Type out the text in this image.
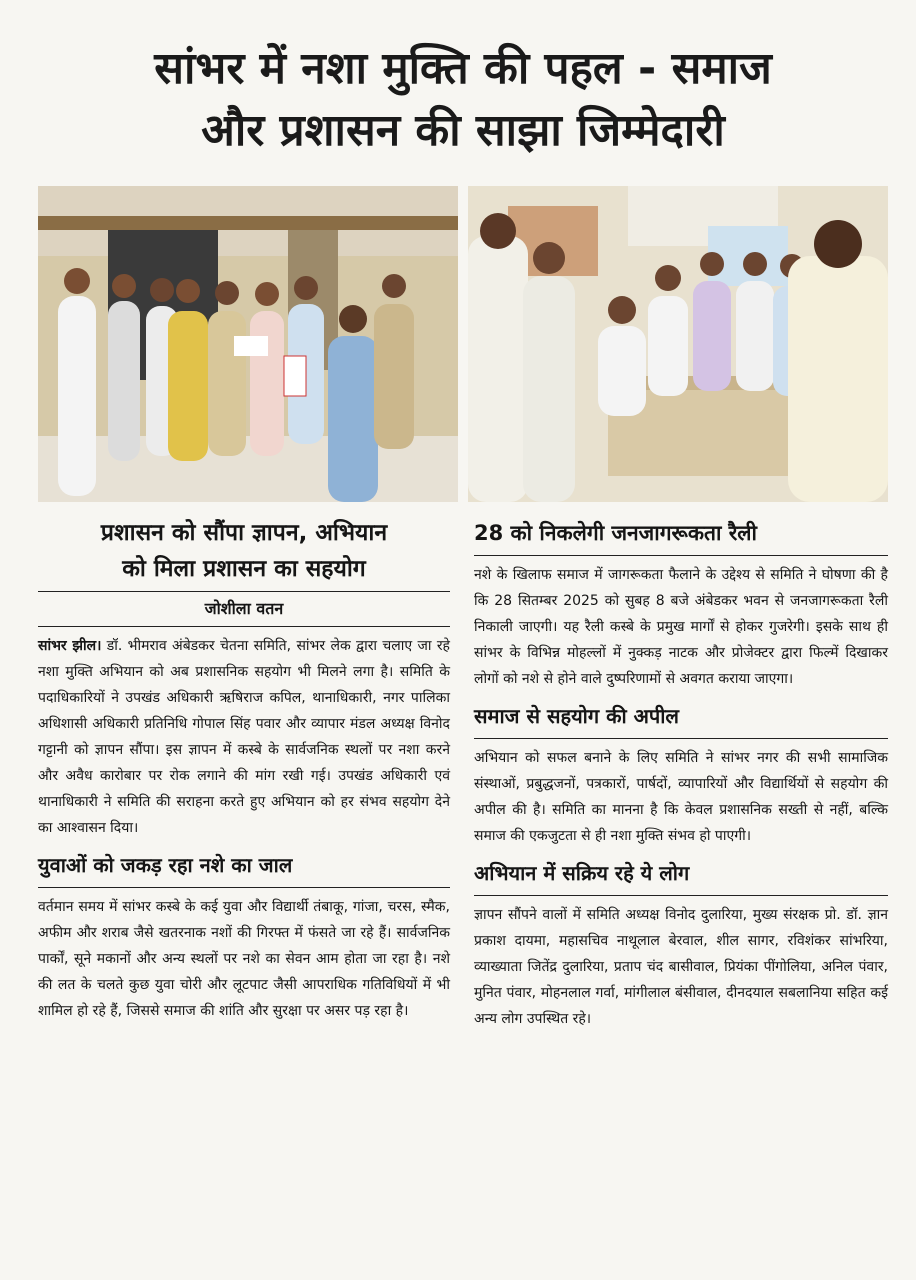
सांभर में नशा मुक्ति की पहल - समाज
और प्रशासन की साझा जिम्मेदारी
प्रशासन को सौंपा ज्ञापन, अभियान
को मिला प्रशासन का सहयोग
जोशीला वतन

सांभर झील। डॉ. भीमराव अंबेडकर चेतना समिति, सांभर लेक द्वारा चलाए जा रहे नशा मुक्ति अभियान को अब प्रशासनिक सहयोग भी मिलने लगा है। समिति के पदाधिकारियों ने उपखंड अधिकारी ऋषिराज कपिल, थानाधिकारी, नगर पालिका अधिशासी अधिकारी प्रतिनिधि गोपाल सिंह पवार और व्यापार मंडल अध्यक्ष विनोद गट्टानी को ज्ञापन सौंपा। इस ज्ञापन में कस्बे के सार्वजनिक स्थलों पर नशा करने और अवैध कारोबार पर रोक लगाने की मांग रखी गई। उपखंड अधिकारी एवं थानाधिकारी ने समिति की सराहना करते हुए अभियान को हर संभव सहयोग देने का आश्वासन दिया।

युवाओं को जकड़ रहा नशे का जाल

वर्तमान समय में सांभर कस्बे के कई युवा और विद्यार्थी तंबाकू, गांजा, चरस, स्मैक, अफीम और शराब जैसे खतरनाक नशों की गिरफ्त में फंसते जा रहे हैं। सार्वजनिक पार्कों, सूने मकानों और अन्य स्थलों पर नशे का सेवन आम होता जा रहा है। नशे की लत के चलते कुछ युवा चोरी और लूटपाट जैसी आपराधिक गतिविधियों में भी शामिल हो रहे हैं, जिससे समाज की शांति और सुरक्षा पर असर पड़ रहा है।

28 को निकलेगी जनजागरूकता रैली

नशे के खिलाफ समाज में जागरूकता फैलाने के उद्देश्य से समिति ने घोषणा की है कि 28 सितम्बर 2025 को सुबह 8 बजे अंबेडकर भवन से जनजागरूकता रैली निकाली जाएगी। यह रैली कस्बे के प्रमुख मार्गों से होकर गुजरेगी। इसके साथ ही सांभर के विभिन्न मोहल्लों में नुक्कड़ नाटक और प्रोजेक्टर द्वारा फिल्में दिखाकर लोगों को नशे से होने वाले दुष्परिणामों से अवगत कराया जाएगा।

समाज से सहयोग की अपील

अभियान को सफल बनाने के लिए समिति ने सांभर नगर की सभी सामाजिक संस्थाओं, प्रबुद्धजनों, पत्रकारों, पार्षदों, व्यापारियों और विद्यार्थियों से सहयोग की अपील की है। समिति का मानना है कि केवल प्रशासनिक सख्ती से नहीं, बल्कि समाज की एकजुटता से ही नशा मुक्ति संभव हो पाएगी।

अभियान में सक्रिय रहे ये लोग

ज्ञापन सौंपने वालों में समिति अध्यक्ष विनोद दुलारिया, मुख्य संरक्षक प्रो. डॉ. ज्ञान प्रकाश दायमा, महासचिव नाथूलाल बेरवाल, शील सागर, रविशंकर सांभरिया, व्याख्याता जितेंद्र दुलारिया, प्रताप चंद बासीवाल, प्रियंका पींगोलिया, अनिल पंवार, मुनित पंवार, मोहनलाल गर्वा, मांगीलाल बंसीवाल, दीनदयाल सबलानिया सहित कई अन्य लोग उपस्थित रहे।
